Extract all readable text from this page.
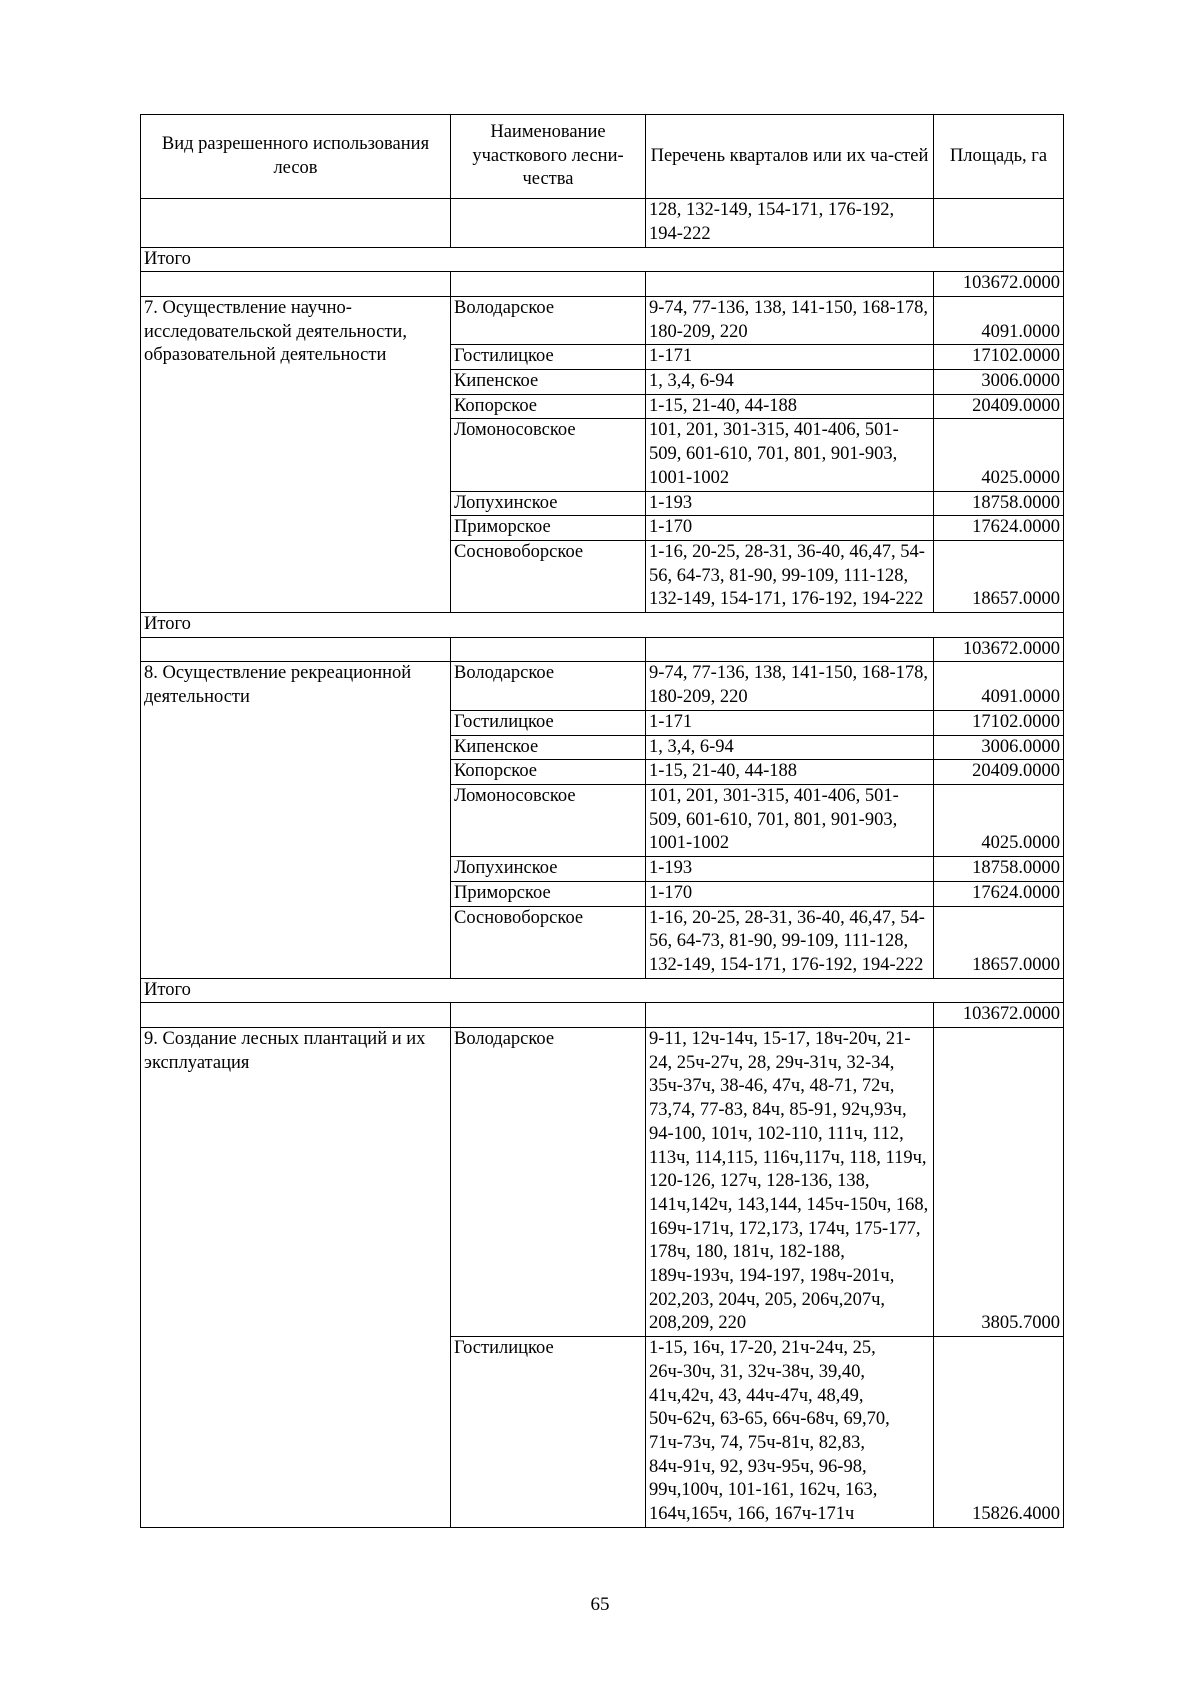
Вид разрешенного использования лесов	Наименование участкового лесни-чества	Перечень кварталов или их ча-стей	Площадь, га
		128, 132-149, 154-171, 176-192, 194-222	
Итого			
			103672.0000
7. Осуществление научно-исследовательской деятельности, образовательной деятельности	Володарское	9-74, 77-136, 138, 141-150, 168-178, 180-209, 220	4091.0000
	Гостилицкое	1-171	17102.0000
	Кипенское	1, 3,4, 6-94	3006.0000
	Копорское	1-15, 21-40, 44-188	20409.0000
	Ломоносовское	101, 201, 301-315, 401-406, 501-509, 601-610, 701, 801, 901-903, 1001-1002	4025.0000
	Лопухинское	1-193	18758.0000
	Приморское	1-170	17624.0000
	Сосновоборское	1-16, 20-25, 28-31, 36-40, 46,47, 54-56, 64-73, 81-90, 99-109, 111-128, 132-149, 154-171, 176-192, 194-222	18657.0000
Итого			
			103672.0000
8. Осуществление рекреационной деятельности	Володарское	9-74, 77-136, 138, 141-150, 168-178, 180-209, 220	4091.0000
	Гостилицкое	1-171	17102.0000
	Кипенское	1, 3,4, 6-94	3006.0000
	Копорское	1-15, 21-40, 44-188	20409.0000
	Ломоносовское	101, 201, 301-315, 401-406, 501-509, 601-610, 701, 801, 901-903, 1001-1002	4025.0000
	Лопухинское	1-193	18758.0000
	Приморское	1-170	17624.0000
	Сосновоборское	1-16, 20-25, 28-31, 36-40, 46,47, 54-56, 64-73, 81-90, 99-109, 111-128, 132-149, 154-171, 176-192, 194-222	18657.0000
Итого			
			103672.0000
9. Создание лесных плантаций и их эксплуатация	Володарское	9-11, 12ч-14ч, 15-17, 18ч-20ч, 21-24, 25ч-27ч, 28, 29ч-31ч, 32-34, 35ч-37ч, 38-46, 47ч, 48-71, 72ч, 73,74, 77-83, 84ч, 85-91, 92ч,93ч, 94-100, 101ч, 102-110, 111ч, 112, 113ч, 114,115, 116ч,117ч, 118, 119ч, 120-126, 127ч, 128-136, 138, 141ч,142ч, 143,144, 145ч-150ч, 168, 169ч-171ч, 172,173, 174ч, 175-177, 178ч, 180, 181ч, 182-188, 189ч-193ч, 194-197, 198ч-201ч, 202,203, 204ч, 205, 206ч,207ч, 208,209, 220	3805.7000
	Гостилицкое	1-15, 16ч, 17-20, 21ч-24ч, 25, 26ч-30ч, 31, 32ч-38ч, 39,40, 41ч,42ч, 43, 44ч-47ч, 48,49, 50ч-62ч, 63-65, 66ч-68ч, 69,70, 71ч-73ч, 74, 75ч-81ч, 82,83, 84ч-91ч, 92, 93ч-95ч, 96-98, 99ч,100ч, 101-161, 162ч, 163, 164ч,165ч, 166, 167ч-171ч	15826.4000
65
